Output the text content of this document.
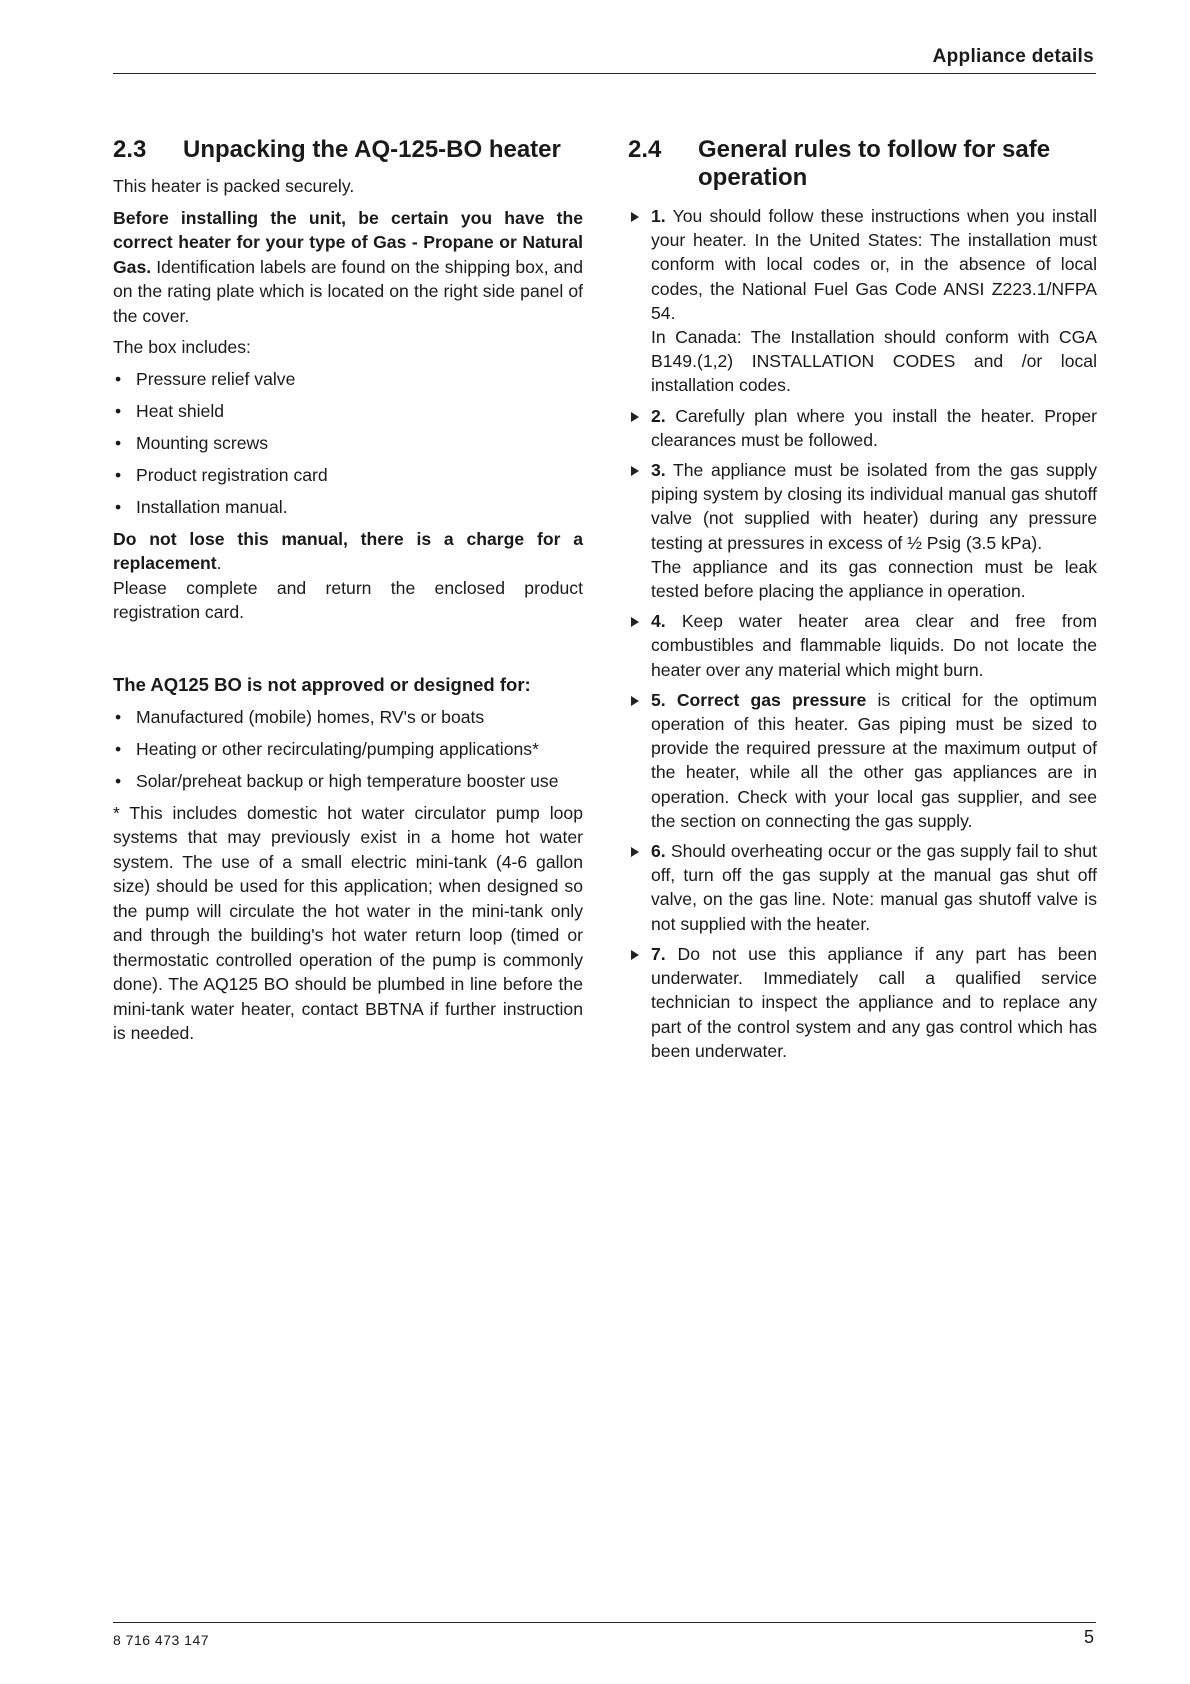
Appliance details
2.3	Unpacking the AQ-125-BO heater

This heater is packed securely.

Before installing the unit, be certain you have the correct heater for your type of Gas - Propane or Natural Gas. Identification labels are found on the shipping box, and on the rating plate which is located on the right side panel of the cover.

The box includes:

• Pressure relief valve
• Heat shield
• Mounting screws
• Product registration card
• Installation manual.

Do not lose this manual, there is a charge for a replacement.

Please complete and return the enclosed product registration card.

The AQ125 BO is not approved or designed for:
• Manufactured (mobile) homes, RV's or boats
• Heating or other recirculating/pumping applications*
• Solar/preheat backup or high temperature booster use

* This includes domestic hot water circulator pump loop systems that may previously exist in a home hot water system. The use of a small electric mini-tank (4-6 gallon size) should be used for this application; when designed so the pump will circulate the hot water in the mini-tank only and through the building's hot water return loop (timed or thermostatic controlled operation of the pump is commonly done). The AQ125 BO should be plumbed in line before the mini-tank water heater, contact BBTNA if further instruction is needed.

2.4	General rules to follow for safe operation
1. You should follow these instructions when you install your heater. In the United States: The installation must conform with local codes or, in the absence of local codes, the National Fuel Gas Code ANSI Z223.1/NFPA 54.
In Canada: The Installation should conform with CGA B149.(1,2) INSTALLATION CODES and /or local installation codes.
2. Carefully plan where you install the heater. Proper clearances must be followed.
3. The appliance must be isolated from the gas supply piping system by closing its individual manual gas shutoff valve (not supplied with heater) during any pressure testing at pressures in excess of ½ Psig (3.5 kPa).
The appliance and its gas connection must be leak tested before placing the appliance in operation.
4. Keep water heater area clear and free from combustibles and flammable liquids. Do not locate the heater over any material which might burn.
5. Correct gas pressure is critical for the optimum operation of this heater. Gas piping must be sized to provide the required pressure at the maximum output of the heater, while all the other gas appliances are in operation. Check with your local gas supplier, and see the section on connecting the gas supply.
6. Should overheating occur or the gas supply fail to shut off, turn off the gas supply at the manual gas shut off valve, on the gas line. Note: manual gas shutoff valve is not supplied with the heater.
7. Do not use this appliance if any part has been underwater. Immediately call a qualified service technician to inspect the appliance and to replace any part of the control system and any gas control which has been underwater.
8 716 473 147	5
